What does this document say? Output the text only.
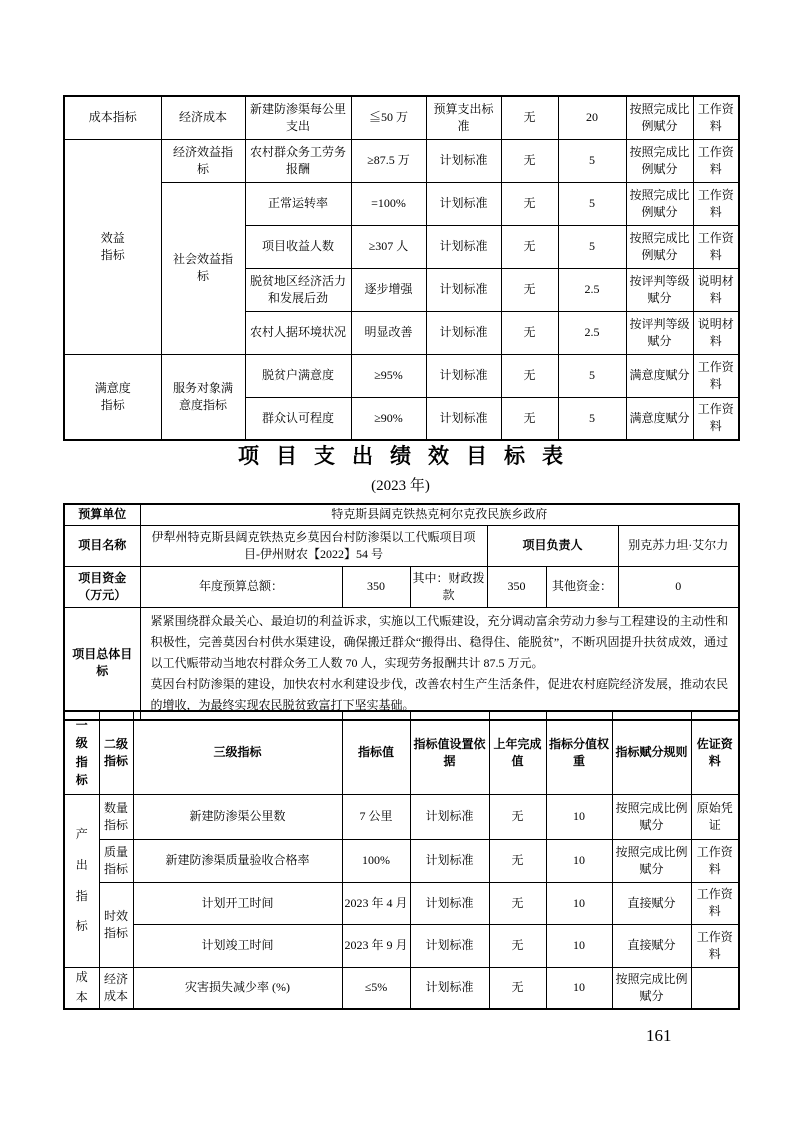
成本指标	经济成本	新建防渗渠每公里支出	≦50 万	预算支出标准	无	20	按照完成比例赋分	工作资料
效益指标	经济效益指标	农村群众务工劳务报酬	≥87.5 万	计划标准	无	5	按照完成比例赋分	工作资料
	社会效益指标	正常运转率	=100%	计划标准	无	5	按照完成比例赋分	工作资料
		项目收益人数	≥307 人	计划标准	无	5	按照完成比例赋分	工作资料
		脱贫地区经济活力和发展后劲	逐步增强	计划标准	无	2.5	按评判等级赋分	说明材料
		农村人据环境状况	明显改善	计划标准	无	2.5	按评判等级赋分	说明材料
满意度指标	服务对象满意度指标	脱贫户满意度	≥95%	计划标准	无	5	满意度赋分	工作资料
		群众认可程度	≥90%	计划标准	无	5	满意度赋分	工作资料
项目支出绩效目标表
(2023 年)
预算单位	特克斯县阔克铁热克柯尔克孜民族乡政府					
项目名称	伊犁州特克斯县阔克铁热克乡莫因台村防渗渠以工代赈项目项目-伊州财农【2022】54 号			项目负责人		别克苏力坦·艾尔力
项目资金（万元）	年度预算总额：	350	其中：财政拨款	350	其他资金：	0
项目总体目标	紧紧围绕群众最关心、最迫切的利益诉求，实施以工代赈建设，充分调动富余劳动力参与工程建设的主动性和积极性，完善莫因台村供水渠建设，确保搬迁群众“搬得出、稳得住、能脱贫”，不断巩固提升扶贫成效，通过以工代赈带动当地农村群众务工人数 70 人，实现劳务报酬共计 87.5 万元。
莫因台村防渗渠的建设，加快农村水利建设步伐，改善农村生产生活条件，促进农村庭院经济发展，推动农民的增收，为最终实现农民脱贫致富打下坚实基础。					
一级指标	二级指标	三级指标	指标值	指标值设置依据	上年完成值	指标分值权重	指标赋分规则	佐证资料
产出指标	数量指标	新建防渗渠公里数	7 公里	计划标准	无	10	按照完成比例赋分	原始凭证
	质量指标	新建防渗渠质量验收合格率	100%	计划标准	无	10	按照完成比例赋分	工作资料
	时效指标	计划开工时间	2023 年 4 月	计划标准	无	10	直接赋分	工作资料
		计划竣工时间	2023 年 9 月	计划标准	无	10	直接赋分	工作资料
成本	经济成本	灾害损失减少率 (%)	≤5%	计划标准	无	10	按照完成比例赋分	
161
